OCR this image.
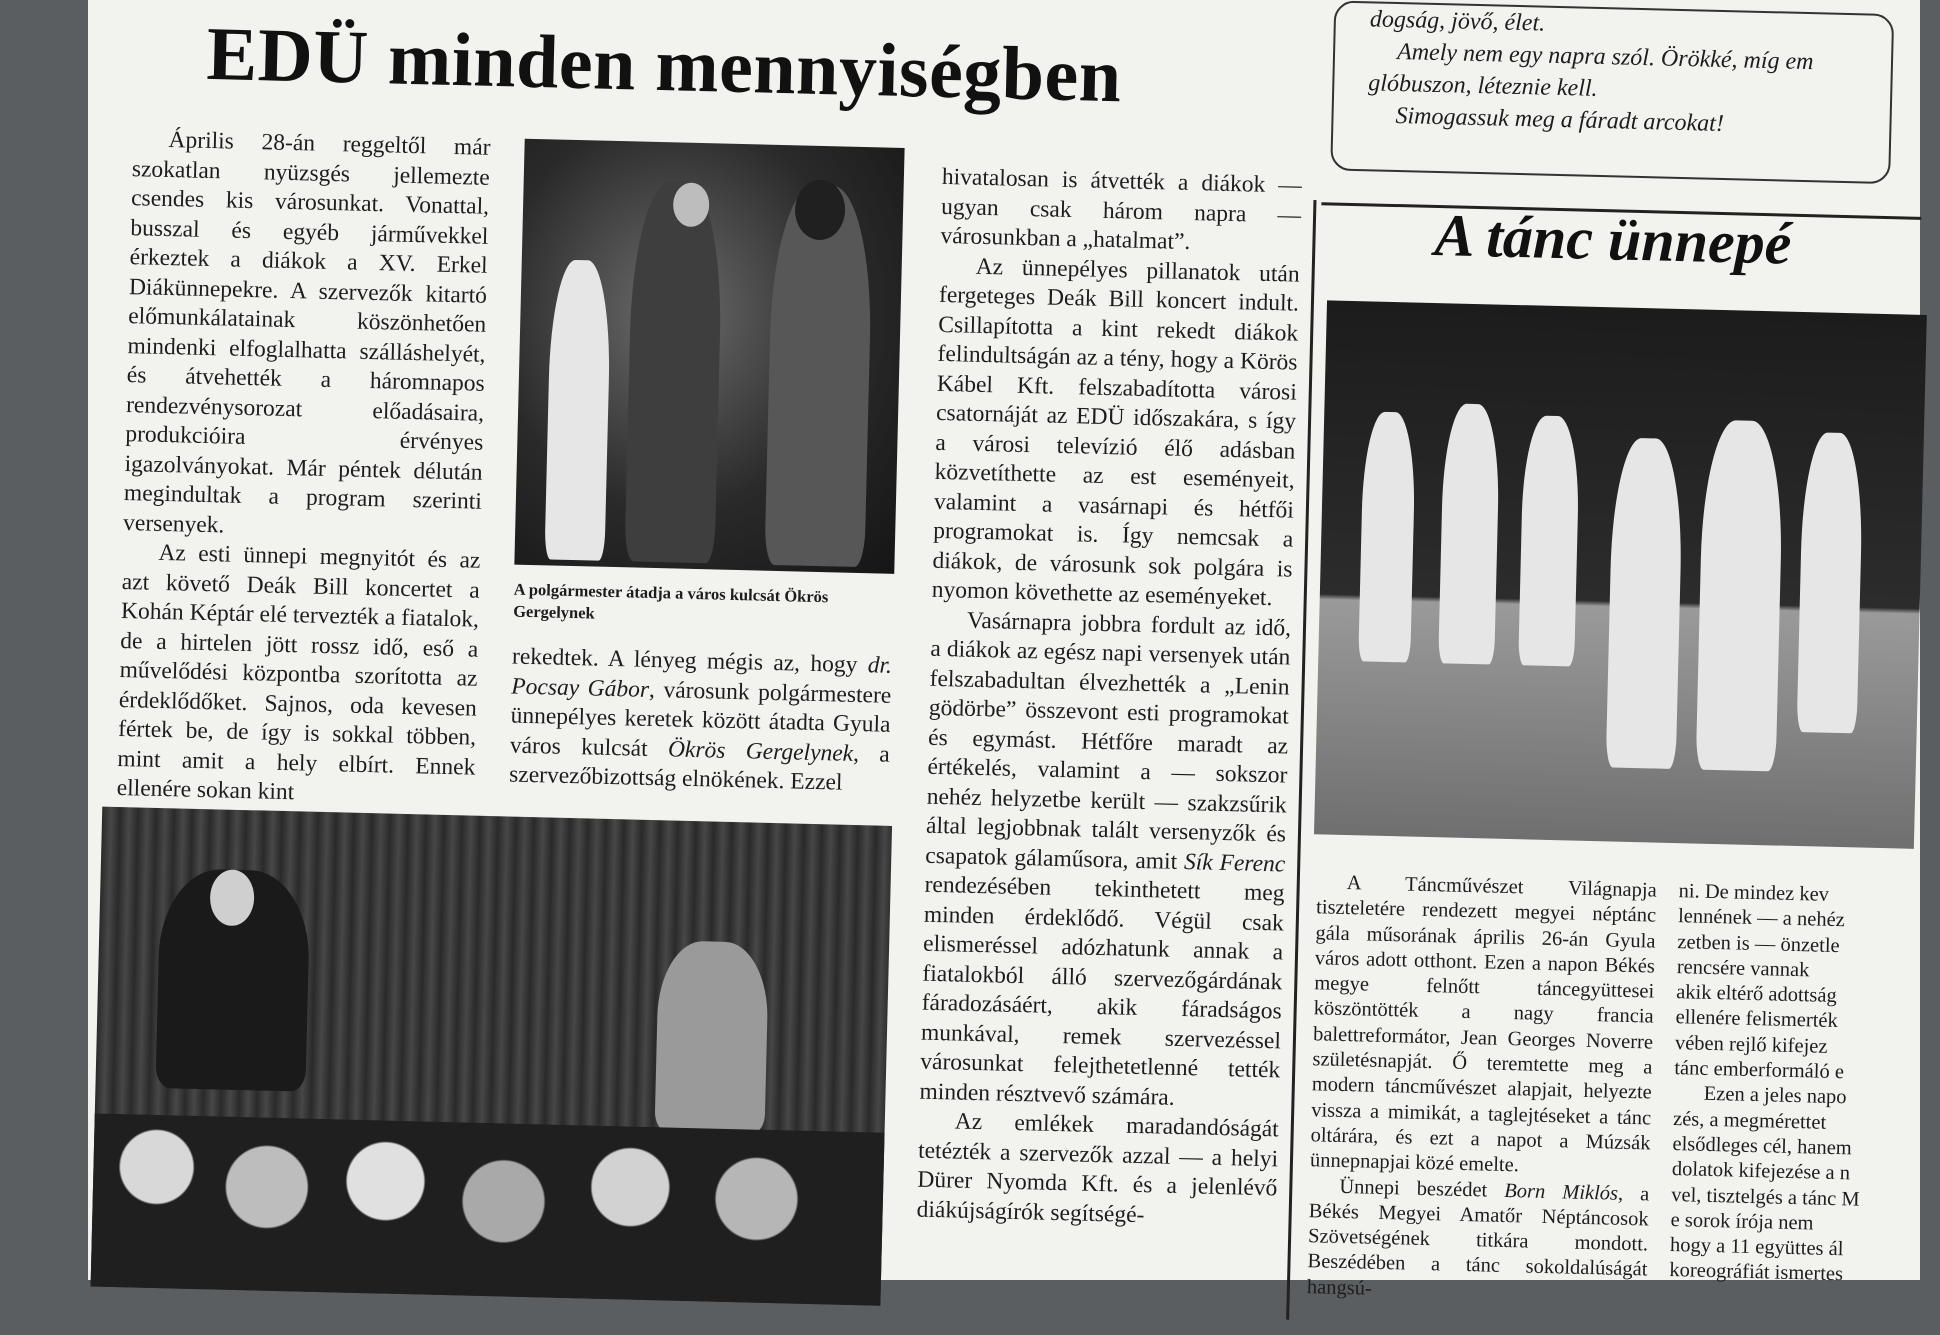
EDÜ minden mennyiségben

Április 28-án reggeltől már szokatlan nyüzsgés jellemezte csendes kis városunkat. Vonattal, busszal és egyéb járművekkel érkeztek a diákok a XV. Erkel Diákünnepekre. A szervezők kitartó előmunkálatainak köszönhetően mindenki elfoglalhatta szálláshelyét, és átvehették a háromnapos rendezvénysorozat előadásaira, produkcióira érvényes igazolványokat. Már péntek délután megindultak a program szerinti versenyek.

Az esti ünnepi megnyitót és az azt követő Deák Bill koncertet a Kohán Képtár elé tervezték a fiatalok, de a hirtelen jött rossz idő, eső a művelődési központba szorította az érdeklődőket. Sajnos, oda kevesen fértek be, de így is sokkal többen, mint amit a hely elbírt. Ennek ellenére sokan kint

A polgármester átadja a város kulcsát Ökrös Gergelynek

rekedtek. A lényeg mégis az, hogy dr. Pocsay Gábor, városunk polgármestere ünnepélyes keretek között átadta Gyula város kulcsát Ökrös Gergelynek, a szervezőbizottság elnökének. Ezzel

hivatalosan is átvették a diákok — ugyan csak három napra — városunkban a „hatalmat”.

Az ünnepélyes pillanatok után fergeteges Deák Bill koncert indult. Csillapította a kint rekedt diákok felindultságán az a tény, hogy a Körös Kábel Kft. felszabadította városi csatornáját az EDÜ időszakára, s így a városi televízió élő adásban közvetíthette az est eseményeit, valamint a vasárnapi és hétfői programokat is. Így nemcsak a diákok, de városunk sok polgára is nyomon követhette az eseményeket.

Vasárnapra jobbra fordult az idő, a diákok az egész napi versenyek után felszabadultan élvezhették a „Lenin gödörbe” összevont esti programokat és egymást. Hétfőre maradt az értékelés, valamint a — sokszor nehéz helyzetbe került — szakzsűrik által legjobbnak talált versenyzők és csapatok gálaműsora, amit Sík Ferenc rendezésében tekinthetett meg minden érdeklődő. Végül csak elismeréssel adózhatunk annak a fiatalokból álló szervezőgárdának fáradozásáért, akik fáradságos munkával, remek szervezéssel városunkat felejthetetlenné tették minden résztvevő számára.

Az emlékek maradandóságát tetézték a szervezők azzal — a helyi Dürer Nyomda Kft. és a jelenlévő diákújságírók segítségé-

dogság, jövő, élet.

Amely nem egy napra szól. Örökké, míg em

glóbuszon, léteznie kell.

Simogassuk meg a fáradt arcokat!

A tánc ünnepé

A Táncművészet Világnapja tiszteletére rendezett megyei néptánc gála műsorának április 26-án Gyula város adott otthont. Ezen a napon Békés megye felnőtt táncegyüttesei köszöntötték a nagy francia balettreformátor, Jean Georges Noverre születésnapját. Ő teremtette meg a modern táncművészet alapjait, helyezte vissza a mimikát, a taglejtéseket a tánc oltárára, és ezt a napot a Múzsák ünnepnapjai közé emelte.

Ünnepi beszédet Born Miklós, a Békés Megyei Amatőr Néptáncosok Szövetségének titkára mondott. Beszédében a tánc sokoldalúságát hangsú-

ni. De mindez kev
lennének — a nehéz
zetben is — önzetle
rencsére vannak
akik eltérő adottság
ellenére felismerték
vében rejlő kifejez
tánc emberformáló e
Ezen a jeles napo
zés, a megmérettet
elsődleges cél, hanem
dolatok kifejezése a n
vel, tisztelgés a tánc M
e sorok írója nem
hogy a 11 együttes ál
koreográfiát ismertes
